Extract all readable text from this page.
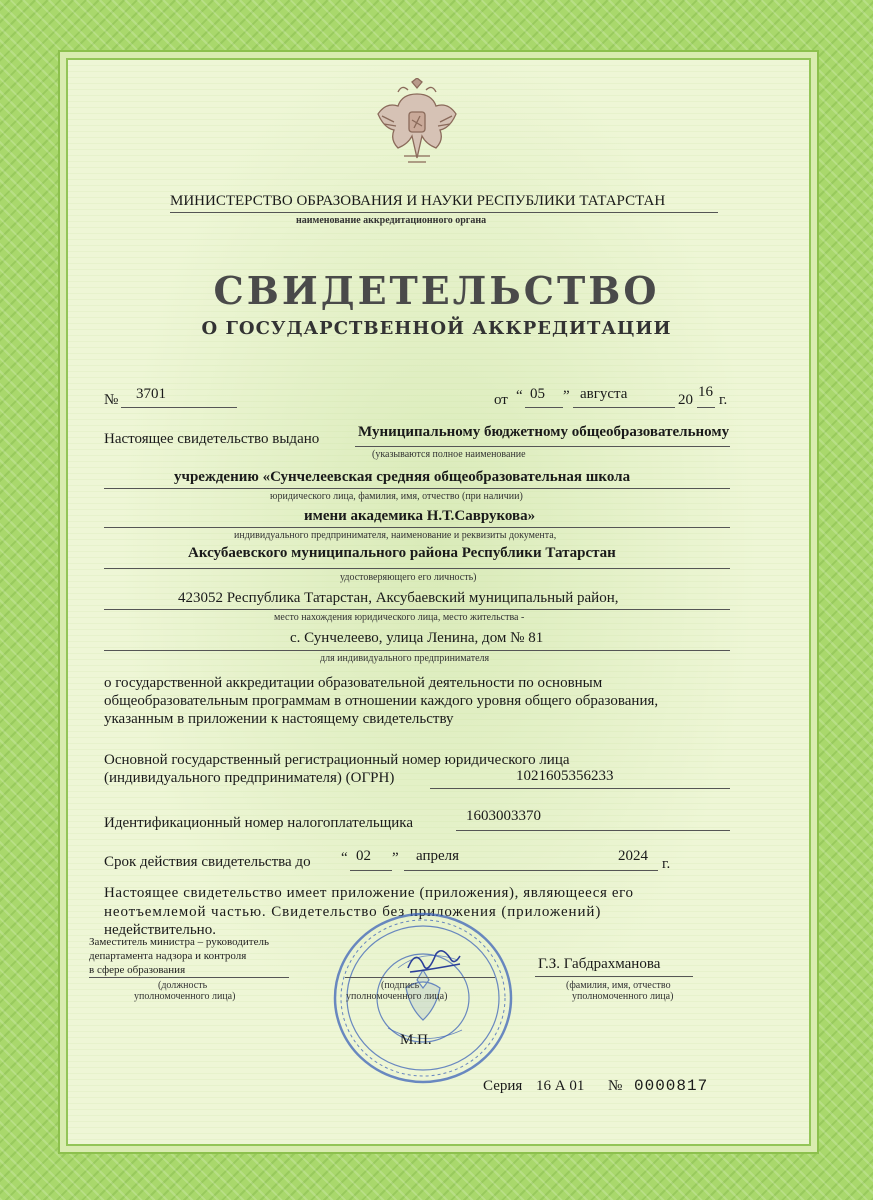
МИНИСТЕРСТВО ОБРАЗОВАНИЯ И НАУКИ РЕСПУБЛИКИ ТАТАРСТАН
наименование аккредитационного органа
СВИДЕТЕЛЬСТВО
О ГОСУДАРСТВЕННОЙ АККРЕДИТАЦИИ
№ 3701	от “ 05 ” августа	20 16 г.
Настоящее свидетельство выдано	Муниципальному бюджетному общеобразовательному
(указываются полное наименование
учреждению «Сунчелеевская средняя общеобразовательная школа
юридического лица, фамилия, имя, отчество (при наличии)
имени академика Н.Т.Саврукова»
индивидуального предпринимателя, наименование и реквизиты документа,
Аксубаевского муниципального района Республики Татарстан
удостоверяющего его личность)
423052 Республика Татарстан, Аксубаевский муниципальный район,
место нахождения юридического лица, место жительства -
с. Сунчелеево, улица Ленина, дом № 81
для индивидуального предпринимателя
о государственной аккредитации образовательной деятельности по основным
общеобразовательным программам в отношении каждого уровня общего образования,
указанным в приложении к настоящему свидетельству
Основной государственный регистрационный номер юридического лица
(индивидуального предпринимателя) (ОГРН)	1021605356233
Идентификационный номер налогоплательщика	1603003370
Срок действия свидетельства до “ 02 ” апреля	2024 г.
Настоящее свидетельство имеет приложение (приложения), являющееся его
неотъемлемой частью. Свидетельство без приложения (приложений)
недействительно.
Заместитель министра – руководитель
департамента надзора и контроля
в сфере образования
(должность
уполномоченного лица)
(подпись
уполномоченного лица)
Г.З. Габдрахманова
(фамилия, имя, отчество
уполномоченного лица)
М.П.
Серия 16 А 01 № 0000817
